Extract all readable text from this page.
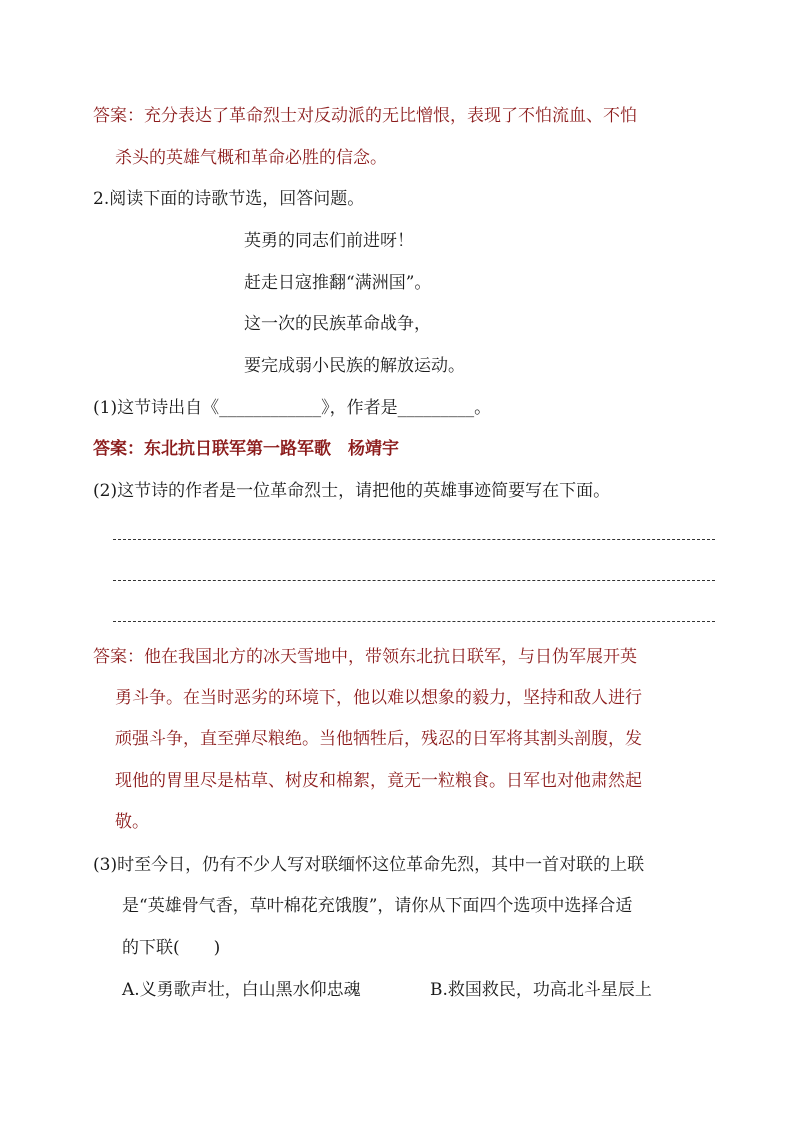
答案：充分表达了革命烈士对反动派的无比憎恨，表现了不怕流血、不怕
杀头的英雄气概和革命必胜的信念。
2.阅读下面的诗歌节选，回答问题。
英勇的同志们前进呀！
赶走日寇推翻“满洲国”。
这一次的民族革命战争，
要完成弱小民族的解放运动。
(1)这节诗出自《____________》，作者是_________。
答案：东北抗日联军第一路军歌　杨靖宇
(2)这节诗的作者是一位革命烈士，请把他的英雄事迹简要写在下面。
答案：他在我国北方的冰天雪地中，带领东北抗日联军，与日伪军展开英
勇斗争。在当时恶劣的环境下，他以难以想象的毅力，坚持和敌人进行
顽强斗争，直至弹尽粮绝。当他牺牲后，残忍的日军将其割头剖腹，发
现他的胃里尽是枯草、树皮和棉絮，竟无一粒粮食。日军也对他肃然起
敬。
(3)时至今日，仍有不少人写对联缅怀这位革命先烈，其中一首对联的上联
是“英雄骨气香，草叶棉花充饿腹”，请你从下面四个选项中选择合适
的下联(　　)
A.义勇歌声壮，白山黑水仰忠魂	B.救国救民，功高北斗星辰上
